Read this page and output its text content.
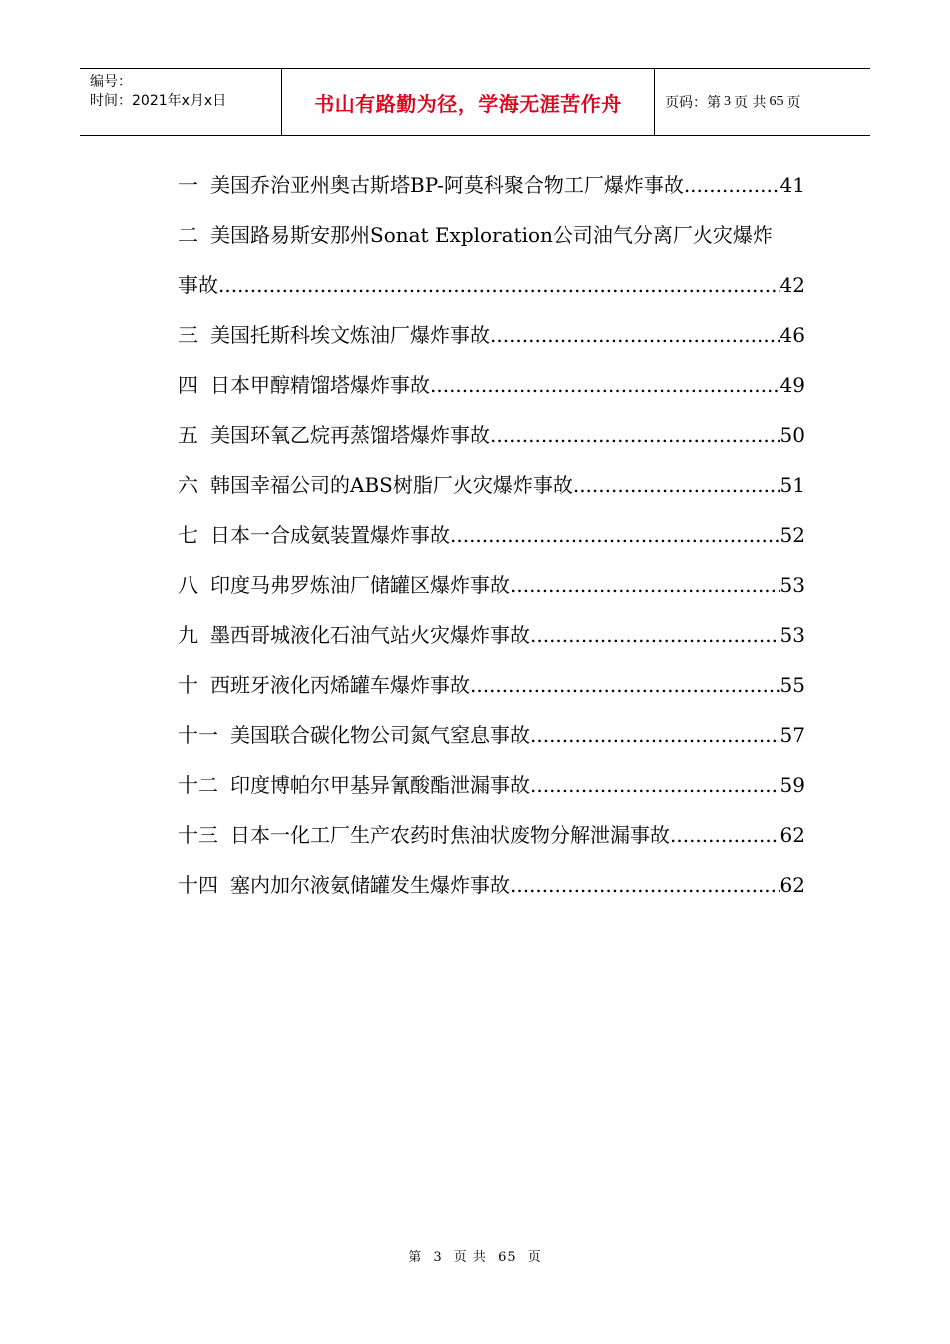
编号：
时间：2021年x月x日	书山有路勤为径，学海无涯苦作舟	页码：第 3 页 共 65 页
一 美国乔治亚州奥古斯塔BP-阿莫科聚合物工厂爆炸事故 .....	41
二 美国路易斯安那州Sonat Exploration公司油气分离厂火灾爆炸
事故 .....	42
三 美国托斯科埃文炼油厂爆炸事故 .....	46
四 日本甲醇精馏塔爆炸事故 .....	49
五 美国环氧乙烷再蒸馏塔爆炸事故 .....	50
六 韩国幸福公司的ABS树脂厂火灾爆炸事故 .....	51
七 日本一合成氨装置爆炸事故 .....	52
八 印度马弗罗炼油厂储罐区爆炸事故 .....	53
九 墨西哥城液化石油气站火灾爆炸事故 .....	53
十 西班牙液化丙烯罐车爆炸事故 .....	55
十一 美国联合碳化物公司氮气窒息事故 .....	57
十二 印度博帕尔甲基异氰酸酯泄漏事故 .....	59
十三 日本一化工厂生产农药时焦油状废物分解泄漏事故 .....	62
十四 塞内加尔液氨储罐发生爆炸事故 .....	62
第 3 页 共 65 页
